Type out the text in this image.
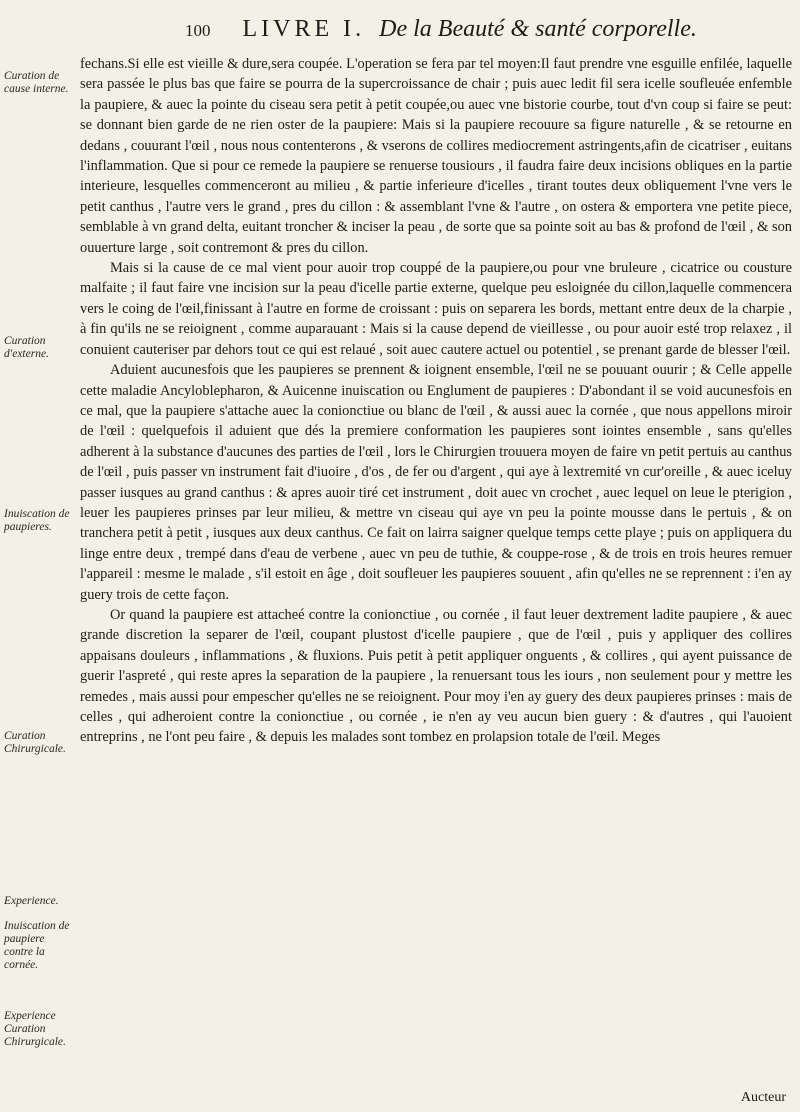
100 LIVRE I. De la Beauté & santé corporelle.
Curation de cause interne.
Curation d'externe.
Inuiscation de paupieres.
Curation Chirurgicale.
Experience.
Inuiscation de paupiere contre la cornée.
Experience Curation Chirurgicale.

fechans.Si elle est vieille & dure,sera coupée. L'operation se fera par tel moyen:Il faut prendre vne esguille enfilée, laquelle sera passée le plus bas que faire se pourra de la supercroissance de chair ; puis auec ledit fil sera icelle soufleuée enfemble la paupiere, & auec la pointe du ciseau sera petit à petit coupée,ou auec vne bistorie courbe, tout d'vn coup si faire se peut: se donnant bien garde de ne rien oster de la paupiere: Mais si la paupiere recouure sa figure naturelle , & se retourne en dedans , couurant l'œil , nous nous contenterons , & vserons de collires mediocrement astringents,afin de cicatriser , euitans l'inflammation. Que si pour ce remede la paupiere se renuerse tousiours , il faudra faire deux incisions obliques en la partie interieure, lesquelles commenceront au milieu , & partie inferieure d'icelles , tirant toutes deux obliquement l'vne vers le petit canthus , l'autre vers le grand , pres du cillon : & assemblant l'vne & l'autre , on ostera & emportera vne petite piece, semblable à vn grand delta, euitant troncher & inciser la peau , de sorte que sa pointe soit au bas & profond de l'œil , & son ouuerture large , soit contremont & pres du cillon.

Mais si la cause de ce mal vient pour auoir trop couppé de la paupiere,ou pour vne bruleure , cicatrice ou cousture malfaite ; il faut faire vne incision sur la peau d'icelle partie externe, quelque peu esloignée du cillon,laquelle commencera vers le coing de l'œil,finissant à l'autre en forme de croissant : puis on separera les bords, mettant entre deux de la charpie , à fin qu'ils ne se reioignent , comme auparauant : Mais si la cause depend de vieillesse , ou pour auoir esté trop relaxez , il conuient cauteriser par dehors tout ce qui est relaué , soit auec cautere actuel ou potentiel , se prenant garde de blesser l'œil.

Aduient aucunesfois que les paupieres se prennent & ioignent ensemble, l'œil ne se pouuant ouurir ; & Celle appelle cette maladie Ancyloblepharon, & Auicenne inuiscation ou Englument de paupieres : D'abondant il se void aucunesfois en ce mal, que la paupiere s'attache auec la conionctiue ou blanc de l'œil , & aussi auec la cornée , que nous appellons miroir de l'œil : quelquefois il aduient que dés la premiere conformation les paupieres sont iointes ensemble , sans qu'elles adherent à la substance d'aucunes des parties de l'œil , lors le Chirurgien trouuera moyen de faire vn petit pertuis au canthus de l'œil , puis passer vn instrument fait d'iuoire , d'os , de fer ou d'argent , qui aye à lextremité vn cur'oreille , & auec iceluy passer iusques au grand canthus : & apres auoir tiré cet instrument , doit auec vn crochet , auec lequel on leue le pterigion , leuer les paupieres prinses par leur milieu, & mettre vn ciseau qui aye vn peu la pointe mousse dans le pertuis , & on tranchera petit à petit , iusques aux deux canthus. Ce fait on lairra saigner quelque temps cette playe ; puis on appliquera du linge entre deux , trempé dans d'eau de verbene , auec vn peu de tuthie, & couppe-rose , & de trois en trois heures remuer l'appareil : mesme le malade , s'il estoit en âge , doit soufleuer les paupieres souuent , afin qu'elles ne se reprennent : i'en ay guery trois de cette façon.

Or quand la paupiere est attacheé contre la conionctiue , ou cornée , il faut leuer dextrement ladite paupiere , & auec grande discretion la separer de l'œil, coupant plustost d'icelle paupiere , que de l'œil , puis y appliquer des collires appaisans douleurs , inflammations , & fluxions. Puis petit à petit appliquer onguents , & collires , qui ayent puissance de guerir l'aspreté , qui reste apres la separation de la paupiere , la renuersant tous les iours , non seulement pour y mettre les remedes , mais aussi pour empescher qu'elles ne se reioignent. Pour moy i'en ay guery des deux paupieres prinses : mais de celles , qui adheroient contre la conionctiue , ou cornée , ie n'en ay veu aucun bien guery : & d'autres , qui l'auoient entreprins , ne l'ont peu faire , & depuis les malades sont tombez en prolapsion totale de l'œil. Meges

Aucteur
